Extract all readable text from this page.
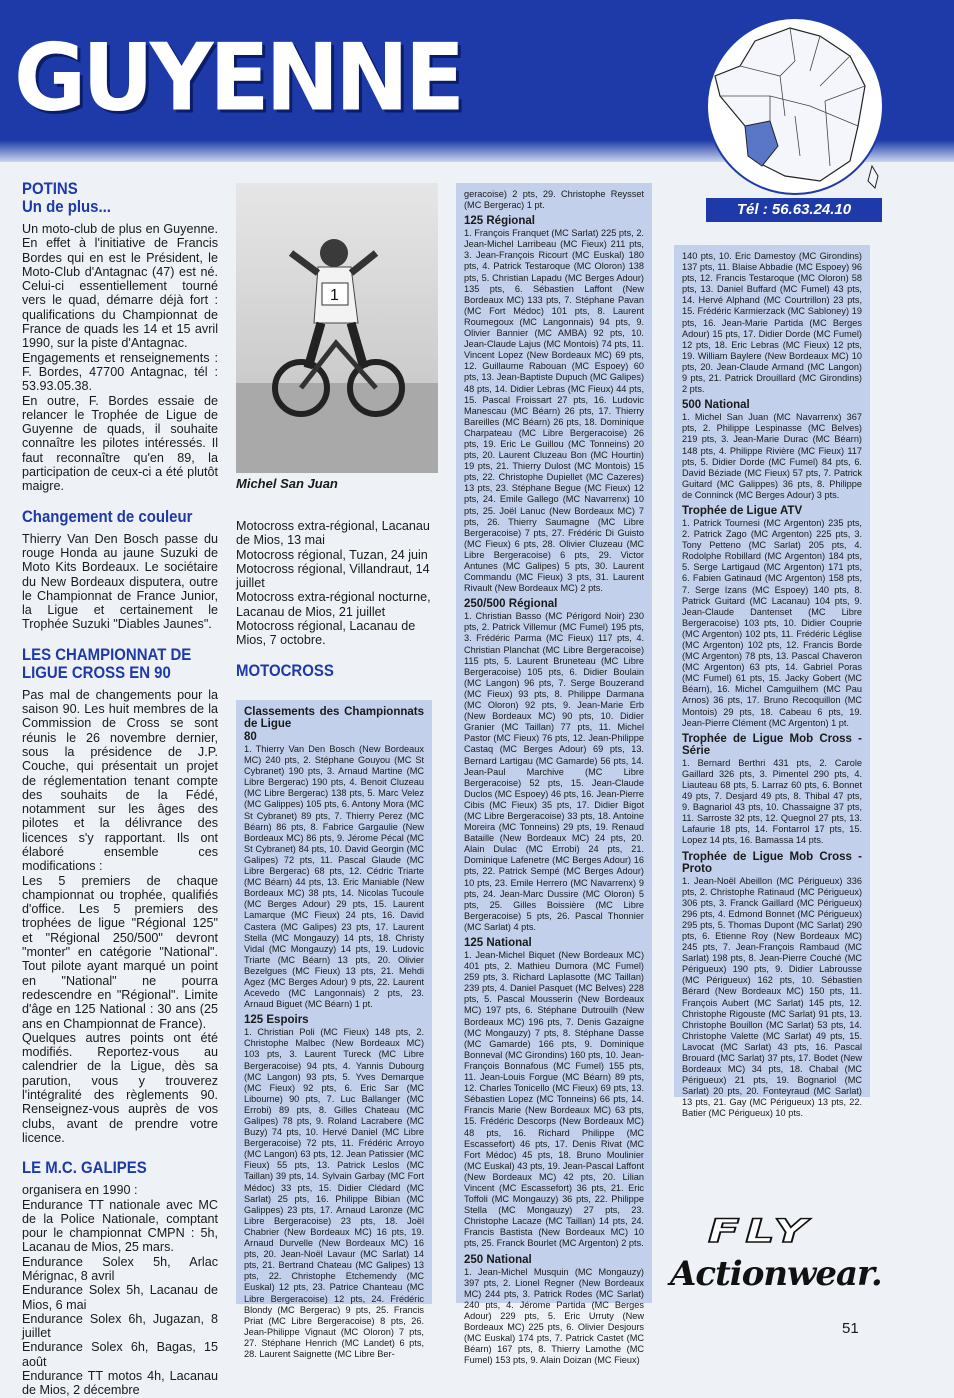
GUYENNE
Tél : 56.63.24.10
POTINS
Un de plus...

Un moto-club de plus en Guyenne. En effet à l'initiative de Francis Bordes qui en est le Président, le Moto-Club d'Antagnac (47) est né. Celui-ci essentiellement tourné vers le quad, démarre déjà fort : qualifications du Championnat de France de quads les 14 et 15 avril 1990, sur la piste d'Antagnac.

Engagements et renseignements : F. Bordes, 47700 Antagnac, tél : 53.93.05.38.

En outre, F. Bordes essaie de relancer le Trophée de Ligue de Guyenne de quads, il souhaite connaître les pilotes intéressés. Il faut reconnaître qu'en 89, la participation de ceux-ci a été plutôt maigre.

Changement de couleur

Thierry Van Den Bosch passe du rouge Honda au jaune Suzuki de Moto Kits Bordeaux. Le sociétaire du New Bordeaux disputera, outre le Championnat de France Junior, la Ligue et certainement le Trophée Suzuki "Diables Jaunes".

LES CHAMPIONNAT DE LIGUE CROSS EN 90

Pas mal de changements pour la saison 90. Les huit membres de la Commission de Cross se sont réunis le 26 novembre dernier, sous la présidence de J.P. Couche, qui présentait un projet de réglementation tenant compte des souhaits de la Fédé, notamment sur les âges des pilotes et la délivrance des licences s'y rapportant. Ils ont élaboré ensemble ces modifications :

Les 5 premiers de chaque championnat ou trophée, qualifiés d'office. Les 5 premiers des trophées de ligue "Régional 125" et "Régional 250/500" devront "monter" en catégorie "National". Tout pilote ayant marqué un point en "National" ne pourra redescendre en "Régional". Limite d'âge en 125 National : 30 ans (25 ans en Championnat de France).

Quelques autres points ont été modifiés. Reportez-vous au calendrier de la Ligue, dès sa parution, vous y trouverez l'intégralité des règlements 90. Renseignez-vous auprès de vos clubs, avant de prendre votre licence.

LE M.C. GALIPES

organisera en 1990 :

Endurance TT nationale avec MC de la Police Nationale, comptant pour le championnat CMPN : 5h, Lacanau de Mios, 25 mars.

Endurance Solex 5h, Arlac Mérignac, 8 avril

Endurance Solex 5h, Lacanau de Mios, 6 mai

Endurance Solex 6h, Jugazan, 8 juillet

Endurance Solex 6h, Bagas, 15 août

Endurance TT motos 4h, Lacanau de Mios, 2 décembre

1
Michel San Juan

Motocross extra-régional, Lacanau de Mios, 13 mai

Motocross régional, Tuzan, 24 juin

Motocross régional, Villandraut, 14 juillet

Motocross extra-régional nocturne, Lacanau de Mios, 21 juillet

Motocross régional, Lacanau de Mios, 7 octobre.

MOTOCROSS
Classements des Championnats de Ligue
80

1. Thierry Van Den Bosch (New Bordeaux MC) 240 pts, 2. Stéphane Gouyou (MC St Cybranet) 190 pts, 3. Arnaud Martine (MC Libre Bergerac) 190 pts, 4. Benoit Cluzeau (MC Libre Bergerac) 138 pts, 5. Marc Velez (MC Galippes) 105 pts, 6. Antony Mora (MC St Cybranet) 89 pts, 7. Thierry Perez (MC Béarn) 86 pts, 8. Fabrice Gargaulie (New Bordeaux MC) 86 pts, 9. Jérome Pécal (MC St Cybranet) 84 pts, 10. David Georgin (MC Galipes) 72 pts, 11. Pascal Glaude (MC Libre Bergerac) 68 pts, 12. Cédric Triarte (MC Béarn) 44 pts, 13. Eric Maniable (New Bordeaux MC) 38 pts, 14. Nicolas Tucoule (MC Berges Adour) 29 pts, 15. Laurent Lamarque (MC Fieux) 24 pts, 16. David Castera (MC Galipes) 23 pts, 17. Laurent Stella (MC Mongauzy) 14 pts, 18. Christy Vidal (MC Mongauzy) 14 pts, 19. Ludovic Triarte (MC Béarn) 13 pts, 20. Olivier Bezelgues (MC Fieux) 13 pts, 21. Mehdi Agez (MC Berges Adour) 9 pts, 22. Laurent Acevedo (MC Langonnais) 2 pts, 23. Arnaud Biguet (MC Béarn) 1 pt.

125 Espoirs

1. Christian Poli (MC Fieux) 148 pts, 2. Christophe Malbec (New Bordeaux MC) 103 pts, 3. Laurent Tureck (MC Libre Bergeracoise) 94 pts, 4. Yannis Dubourg (MC Langon) 93 pts, 5. Yves Demarque (MC Fieux) 92 pts, 6. Eric Sar (MC Libourne) 90 pts, 7. Luc Ballanger (MC Errobi) 89 pts, 8. Gilles Chateau (MC Galipes) 78 pts, 9. Roland Lacrabere (MC Buzy) 74 pts, 10. Hervé Daniel (MC Libre Bergeracoise) 72 pts, 11. Frédéric Arroyo (MC Langon) 63 pts, 12. Jean Patissier (MC Fieux) 55 pts, 13. Patrick Leslos (MC Taillan) 39 pts, 14. Sylvain Garbay (MC Fort Médoc) 33 pts, 15. Didier Clédard (MC Sarlat) 25 pts, 16. Philippe Bibian (MC Galippes) 23 pts, 17. Arnaud Laronze (MC Libre Bergeracoise) 23 pts, 18. Joël Chabrier (New Bordeaux MC) 16 pts, 19. Arnaud Durvelle (New Bordeaux MC) 16 pts, 20. Jean-Noël Lavaur (MC Sarlat) 14 pts, 21. Bertrand Chateau (MC Galipes) 13 pts, 22. Christophe Etchemendy (MC Euskal) 12 pts, 23. Patrice Chanteau (MC Libre Bergeracoise) 12 pts, 24. Frédéric Blondy (MC Bergerac) 9 pts, 25. Francis Priat (MC Libre Bergeracoise) 8 pts, 26. Jean-Philippe Vignaut (MC Oloron) 7 pts, 27. Stéphane Henrich (MC Landet) 6 pts, 28. Laurent Saignette (MC Libre Ber-

geracoise) 2 pts, 29. Christophe Reysset (MC Bergerac) 1 pt.

125 Régional

1. François Franquet (MC Sarlat) 225 pts, 2. Jean-Michel Larribeau (MC Fieux) 211 pts, 3. Jean-François Ricourt (MC Euskal) 180 pts, 4. Patrick Testaroque (MC Oloron) 138 pts, 5. Christian Lapadu (MC Berges Adour) 135 pts, 6. Sébastien Laffont (New Bordeaux MC) 133 pts, 7. Stéphane Pavan (MC Fort Médoc) 101 pts, 8. Laurent Roumegoux (MC Langonnais) 94 pts, 9. Olivier Bannier (MC AMBA) 92 pts, 10. Jean-Claude Lajus (MC Montois) 74 pts, 11. Vincent Lopez (New Bordeaux MC) 69 pts, 12. Guillaume Rabouan (MC Espoey) 60 pts, 13. Jean-Baptiste Dupuch (MC Galipes) 48 pts, 14. Didier Lebras (MC Fieux) 44 pts, 15. Pascal Froissart 27 pts, 16. Ludovic Manescau (MC Béarn) 26 pts, 17. Thierry Bareilles (MC Béarn) 26 pts, 18. Dominique Charpateau (MC Libre Bergeracoise) 26 pts, 19. Eric Le Guillou (MC Tonneins) 20 pts, 20. Laurent Cluzeau Bon (MC Hourtin) 19 pts, 21. Thierry Dulost (MC Montois) 15 pts, 22. Christophe Dupiellet (MC Cazeres) 13 pts, 23. Stéphane Begue (MC Fieux) 12 pts, 24. Emile Gallego (MC Navarrenx) 10 pts, 25. Joël Lanuc (New Bordeaux MC) 7 pts, 26. Thierry Saumagne (MC Libre Bergeracoise) 7 pts, 27. Frédéric Di Guisto (MC Fieux) 6 pts, 28. Olivier Cluzeau (MC Libre Bergeracoise) 6 pts, 29. Victor Antunes (MC Galipes) 5 pts, 30. Laurent Commandu (MC Fieux) 3 pts, 31. Laurent Rivault (New Bordeaux MC) 2 pts.

250/500 Régional

1. Christian Basso (MC Périgord Noir) 230 pts, 2. Patrick Villemur (MC Fumel) 195 pts, 3. Frédéric Parma (MC Fieux) 117 pts, 4. Christian Planchat (MC Libre Bergeracoise) 115 pts, 5. Laurent Bruneteau (MC Libre Bergeracoise) 105 pts, 6. Didier Boulain (MC Langon) 96 pts, 7. Serge Bouzerand (MC Fieux) 93 pts, 8. Philippe Darmana (MC Oloron) 92 pts, 9. Jean-Marie Erb (New Bordeaux MC) 90 pts, 10. Didier Granier (MC Taillan) 77 pts, 11. Michel Pastor (MC Fieux) 76 pts, 12. Jean-Philippe Castaq (MC Berges Adour) 69 pts, 13. Bernard Lartigau (MC Gamarde) 56 pts, 14. Jean-Paul Marchive (MC Libre Bergeracoise) 52 pts, 15. Jean-Claude Duclos (MC Espoey) 46 pts, 16. Jean-Pierre Cibis (MC Fieux) 35 pts, 17. Didier Bigot (MC Libre Bergeracoise) 33 pts, 18. Antoine Moreira (MC Tonneins) 29 pts, 19. Renaud Bataille (New Bordeaux MC) 24 pts, 20. Alain Dulac (MC Errobi) 24 pts, 21. Dominique Lafenetre (MC Berges Adour) 16 pts, 22. Patrick Sempé (MC Berges Adour) 10 pts, 23. Emile Herrero (MC Navarrenx) 9 pts, 24. Jean-Marc Dussire (MC Oloron) 5 pts, 25. Gilles Boissière (MC Libre Bergeracoise) 5 pts, 26. Pascal Thonnier (MC Sarlat) 4 pts.

125 National

1. Jean-Michel Biquet (New Bordeaux MC) 401 pts, 2. Mathieu Dumora (MC Fumel) 259 pts, 3. Richard Laplasotte (MC Taillan) 239 pts, 4. Daniel Pasquet (MC Belves) 228 pts, 5. Pascal Mousserin (New Bordeaux MC) 197 pts, 6. Stéphane Dutrouilh (New Bordeaux MC) 196 pts, 7. Denis Gazaigne (MC Mongauzy) 7 pts, 8. Stéphane Dasse (MC Gamarde) 166 pts, 9. Dominique Bonneval (MC Girondins) 160 pts, 10. Jean-François Bonnafous (MC Fumel) 155 pts, 11. Jean-Louis Forgue (MC Béarn) 89 pts, 12. Charles Tonicello (MC Fieux) 69 pts, 13. Sébastien Lopez (MC Tonneins) 66 pts, 14. Francis Marie (New Bordeaux MC) 63 pts, 15. Frédéric Descorps (New Bordeaux MC) 48 pts, 16. Richard Philippe (MC Escassefort) 46 pts, 17. Denis Rivat (MC Fort Médoc) 45 pts, 18. Bruno Moulinier (MC Euskal) 43 pts, 19. Jean-Pascal Laffont (New Bordeaux MC) 42 pts, 20. Lilian Vincent (MC Escassefort) 36 pts, 21. Eric Toffoli (MC Mongauzy) 36 pts, 22. Philippe Stella (MC Mongauzy) 27 pts, 23. Christophe Lacaze (MC Taillan) 14 pts, 24. Francis Bastista (New Bordeaux MC) 10 pts, 25. Franck Bourlet (MC Argenton) 2 pts.

250 National

1. Jean-Michel Musquin (MC Mongauzy) 397 pts, 2. Lionel Regner (New Bordeaux MC) 244 pts, 3. Patrick Rodes (MC Sarlat) 240 pts, 4. Jérome Partida (MC Berges Adour) 229 pts, 5. Eric Urruty (New Bordeaux MC) 225 pts, 6. Olivier Desjours (MC Euskal) 174 pts, 7. Patrick Castet (MC Béarn) 167 pts, 8. Thierry Lamothe (MC Fumel) 153 pts, 9. Alain Doizan (MC Fieux)

140 pts, 10. Eric Damestoy (MC Girondins) 137 pts, 11. Blaise Abbadie (MC Espoey) 96 pts, 12. Francis Testaroque (MC Oloron) 58 pts, 13. Daniel Buffard (MC Fumel) 43 pts, 14. Hervé Alphand (MC Courtrillon) 23 pts, 15. Frédéric Karmierzack (MC Sabloney) 19 pts, 16. Jean-Marie Partida (MC Berges Adour) 15 pts, 17. Didier Dorde (MC Fumel) 12 pts, 18. Eric Lebras (MC Fieux) 12 pts, 19. William Baylere (New Bordeaux MC) 10 pts, 20. Jean-Claude Armand (MC Langon) 9 pts, 21. Patrick Drouillard (MC Girondins) 2 pts.

500 National

1. Michel San Juan (MC Navarrenx) 367 pts, 2. Philippe Lespinasse (MC Belves) 219 pts, 3. Jean-Marie Durac (MC Béarn) 148 pts, 4. Philippe Rivière (MC Fieux) 117 pts, 5. Didier Dorde (MC Fumel) 84 pts, 6. David Béziade (MC Fieux) 57 pts, 7. Patrick Guitard (MC Galippes) 36 pts, 8. Philippe de Conninck (MC Berges Adour) 3 pts.

Trophée de Ligue ATV

1. Patrick Tournesi (MC Argenton) 235 pts, 2. Patrick Zago (MC Argenton) 225 pts, 3. Tony Petteno (MC Sarlat) 205 pts, 4. Rodolphe Robillard (MC Argenton) 184 pts, 5. Serge Lartigaud (MC Argenton) 171 pts, 6. Fabien Gatinaud (MC Argenton) 158 pts, 7. Serge Izans (MC Espoey) 140 pts, 8. Patrick Guitard (MC Lacanau) 104 pts, 9. Jean-Claude Dantenset (MC Libre Bergeracoise) 103 pts, 10. Didier Couprie (MC Argenton) 102 pts, 11. Frédéric Léglise (MC Argenton) 102 pts, 12. Francis Borde (MC Argenton) 78 pts, 13. Pascal Chaveron (MC Argenton) 63 pts, 14. Gabriel Poras (MC Fumel) 61 pts, 15. Jacky Gobert (MC Béarn), 16. Michel Camguilhem (MC Pau Arnos) 36 pts, 17. Bruno Recoquillon (MC Montois) 29 pts, 18. Cabeau 6 pts, 19. Jean-Pierre Clément (MC Argenton) 1 pt.

Trophée de Ligue Mob Cross - Série

1. Bernard Berthri 431 pts, 2. Carole Gaillard 326 pts, 3. Pimentel 290 pts, 4. Liauteau 68 pts, 5. Larraz 60 pts, 6. Bonnet 49 pts, 7. Desjard 49 pts, 8. Thibal 47 pts, 9. Bagnariol 43 pts, 10. Chassaigne 37 pts, 11. Sarroste 32 pts, 12. Quegnol 27 pts, 13. Lafaurie 18 pts, 14. Fontarrol 17 pts, 15. Lopez 14 pts, 16. Bamassa 14 pts.

Trophée de Ligue Mob Cross - Proto

1. Jean-Noël Abeillon (MC Périgueux) 336 pts, 2. Christophe Ratinaud (MC Périgueux) 306 pts, 3. Franck Gaillard (MC Périgueux) 296 pts, 4. Edmond Bonnet (MC Périgueux) 295 pts, 5. Thomas Dupont (MC Sarlat) 290 pts, 6. Etienne Roy (New Bordeaux MC) 245 pts, 7. Jean-François Rambaud (MC Sarlat) 198 pts, 8. Jean-Pierre Couché (MC Périgueux) 190 pts, 9. Didier Labrousse (MC Périgueux) 162 pts, 10. Sébastien Bérard (New Bordeaux MC) 150 pts, 11. François Aubert (MC Sarlat) 145 pts, 12. Christophe Rigouste (MC Sarlat) 91 pts, 13. Christophe Bouillon (MC Sarlat) 53 pts, 14. Christophe Valette (MC Sarlat) 49 pts, 15. Lavocat (MC Sarlat) 43 pts, 16. Pascal Brouard (MC Sarlat) 37 pts, 17. Bodet (New Bordeaux MC) 34 pts, 18. Chabal (MC Périgueux) 21 pts, 19. Bognariol (MC Sarlat) 20 pts, 20. Fonteyraud (MC Sarlat) 13 pts, 21. Gay (MC Périgueux) 13 pts, 22. Batier (MC Périgueux) 10 pts.

FLY
Actionwear.
51
